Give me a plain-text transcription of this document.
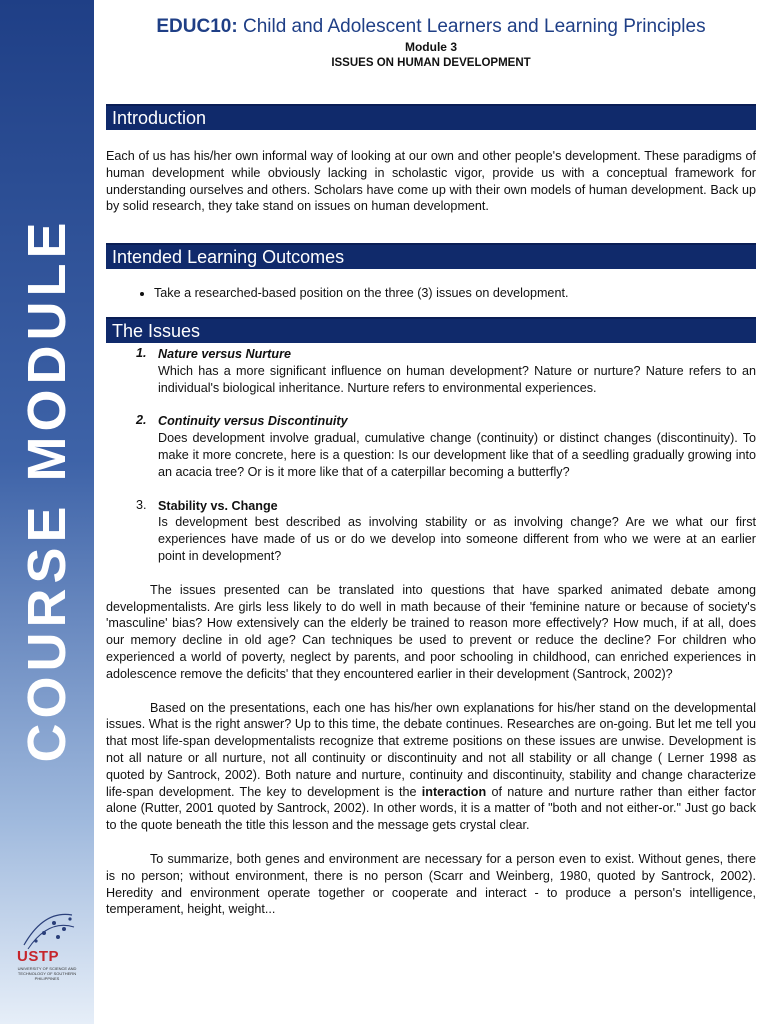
COURSE MODULE
USTP
UNIVERSITY OF SCIENCE AND TECHNOLOGY OF SOUTHERN PHILIPPINES
EDUC10: Child and Adolescent Learners and Learning Principles
Module 3
ISSUES ON HUMAN DEVELOPMENT
Introduction

Each of us has his/her own informal way of looking at our own and other people's development. These paradigms of human development while obviously lacking in scholastic vigor, provide us with a conceptual framework for understanding ourselves and others. Scholars have come up with their own models of human development. Back up by solid research, they take stand on issues on human development.

Intended Learning Outcomes
• Take a researched-based position on the three (3) issues on development.
The Issues
1. Nature versus Nurture

Which has a more significant influence on human development? Nature or nurture? Nature refers to an individual's biological inheritance. Nurture refers to environmental experiences.

2. Continuity versus Discontinuity

Does development involve gradual, cumulative change (continuity) or distinct changes (discontinuity). To make it more concrete, here is a question: Is our development like that of a seedling gradually growing into an acacia tree? Or is it more like that of a caterpillar becoming a butterfly?

3. Stability vs. Change

Is development best described as involving stability or as involving change? Are we what our first experiences have made of us or do we develop into someone different from who we were at an earlier point in development?

The issues presented can be translated into questions that have sparked animated debate among developmentalists. Are girls less likely to do well in math because of their 'feminine nature or because of society's 'masculine' bias? How extensively can the elderly be trained to reason more effectively? How much, if at all, does our memory decline in old age? Can techniques be used to prevent or reduce the decline? For children who experienced a world of poverty, neglect by parents, and poor schooling in childhood, can enriched experiences in adolescence remove the deficits' that they encountered earlier in their development (Santrock, 2002)?

Based on the presentations, each one has his/her own explanations for his/her stand on the developmental issues. What is the right answer? Up to this time, the debate continues. Researches are on-going. But let me tell you that most life-span developmentalists recognize that extreme positions on these issues are unwise. Development is not all nature or all nurture, not all continuity or discontinuity and not all stability or all change ( Lerner 1998 as quoted by Santrock, 2002). Both nature and nurture, continuity and discontinuity, stability and change characterize life-span development. The key to development is the interaction of nature and nurture rather than either factor alone (Rutter, 2001 quoted by Santrock, 2002). In other words, it is a matter of "both and not either-or." Just go back to the quote beneath the title this lesson and the message gets crystal clear.

To summarize, both genes and environment are necessary for a person even to exist. Without genes, there is no person; without environment, there is no person (Scarr and Weinberg, 1980, quoted by Santrock, 2002). Heredity and environment operate together or cooperate and interact - to produce a person's intelligence, temperament, height, weight...
